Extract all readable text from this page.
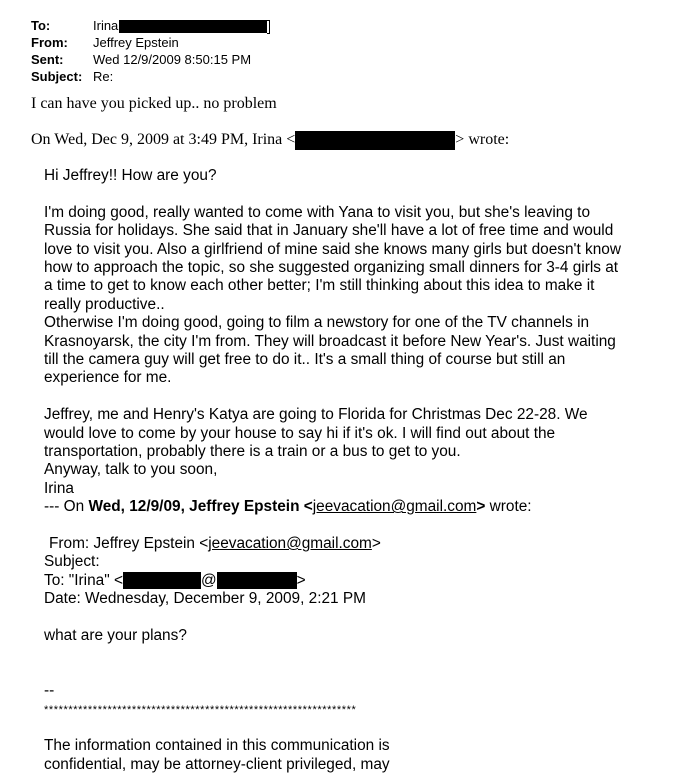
To:	Irina
From: Jeffrey Epstein
Sent: Wed 12/9/2009 8:50:15 PM
Subject: Re:
I can have you picked up.. no problem
On Wed, Dec 9, 2009 at 3:49 PM, Irina <	> wrote:

Hi Jeffrey!! How are you?

I'm doing good, really wanted to come with Yana to visit you, but she's leaving to

Russia for holidays. She said that in January she'll have a lot of free time and would

love to visit you. Also a girlfriend of mine said she knows many girls but doesn't know

how to approach the topic, so she suggested organizing small dinners for 3-4 girls at

a time to get to know each other better; I'm still thinking about this idea to make it

really productive..

Otherwise I'm doing good, going to film a newstory for one of the TV channels in

Krasnoyarsk, the city I'm from. They will broadcast it before New Year's. Just waiting

till the camera guy will get free to do it.. It's a small thing of course but still an

experience for me.

Jeffrey, me and Henry's Katya are going to Florida for Christmas Dec 22-28. We

would love to come by your house to say hi if it's ok. I will find out about the

transportation, probably there is a train or a bus to get to you.

Anyway, talk to you soon,

Irina

--- On Wed, 12/9/09, Jeffrey Epstein <jeevacation@gmail.com> wrote:

From: Jeffrey Epstein <jeevacation@gmail.com>

Subject:

To: "Irina" <	@	>

Date: Wednesday, December 9, 2009, 2:21 PM

what are your plans?

--

****************************************************************

The information contained in this communication is

confidential, may be attorney-client privileged, may
